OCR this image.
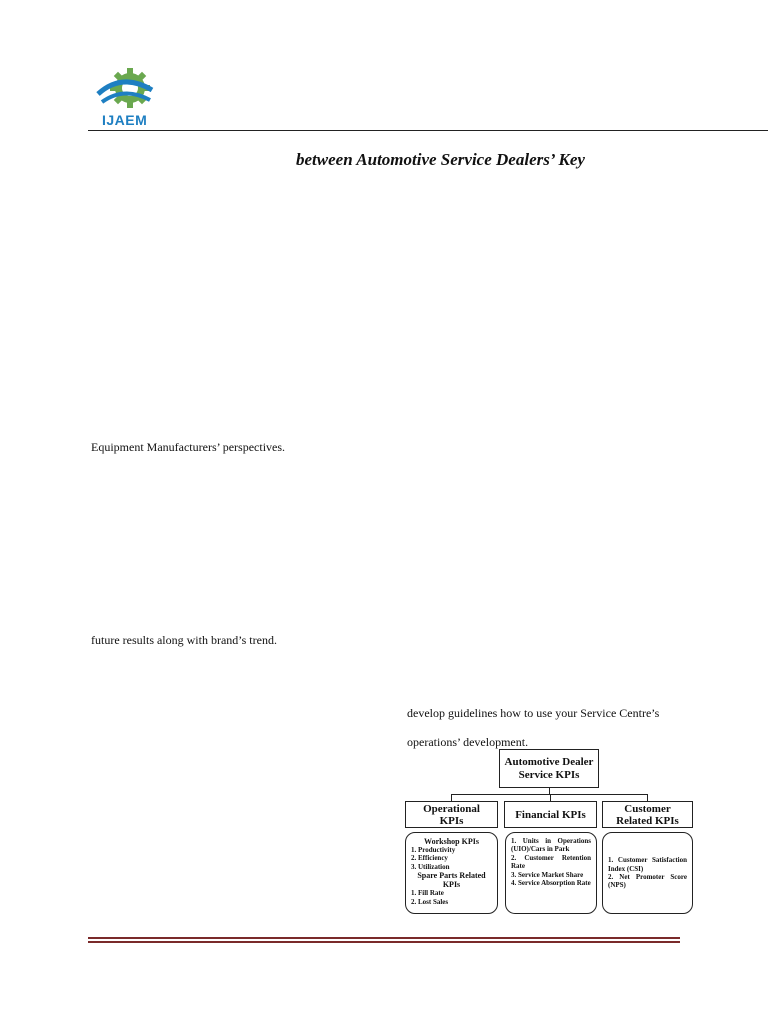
IJAEM
between Automotive Service Dealers’ Key
Equipment Manufacturers’ perspectives.
future results along with brand’s trend.
develop guidelines how to use your Service Centre’s
operations’ development.
Automotive Dealer
Service KPIs
Operational
KPIs	Financial KPIs	Customer
Related KPIs
Workshop KPIs
1. Productivity
2. Efficiency
3. Utilization
Spare Parts Related
KPIs
1. Fill Rate
2. Lost Sales
1. Units in Operations (UIO)/Cars in Park
2. Customer Retention Rate
3. Service Market Share
4. Service Absorption Rate
1. Customer Satisfaction Index (CSI)
2. Net Promoter Score (NPS)
